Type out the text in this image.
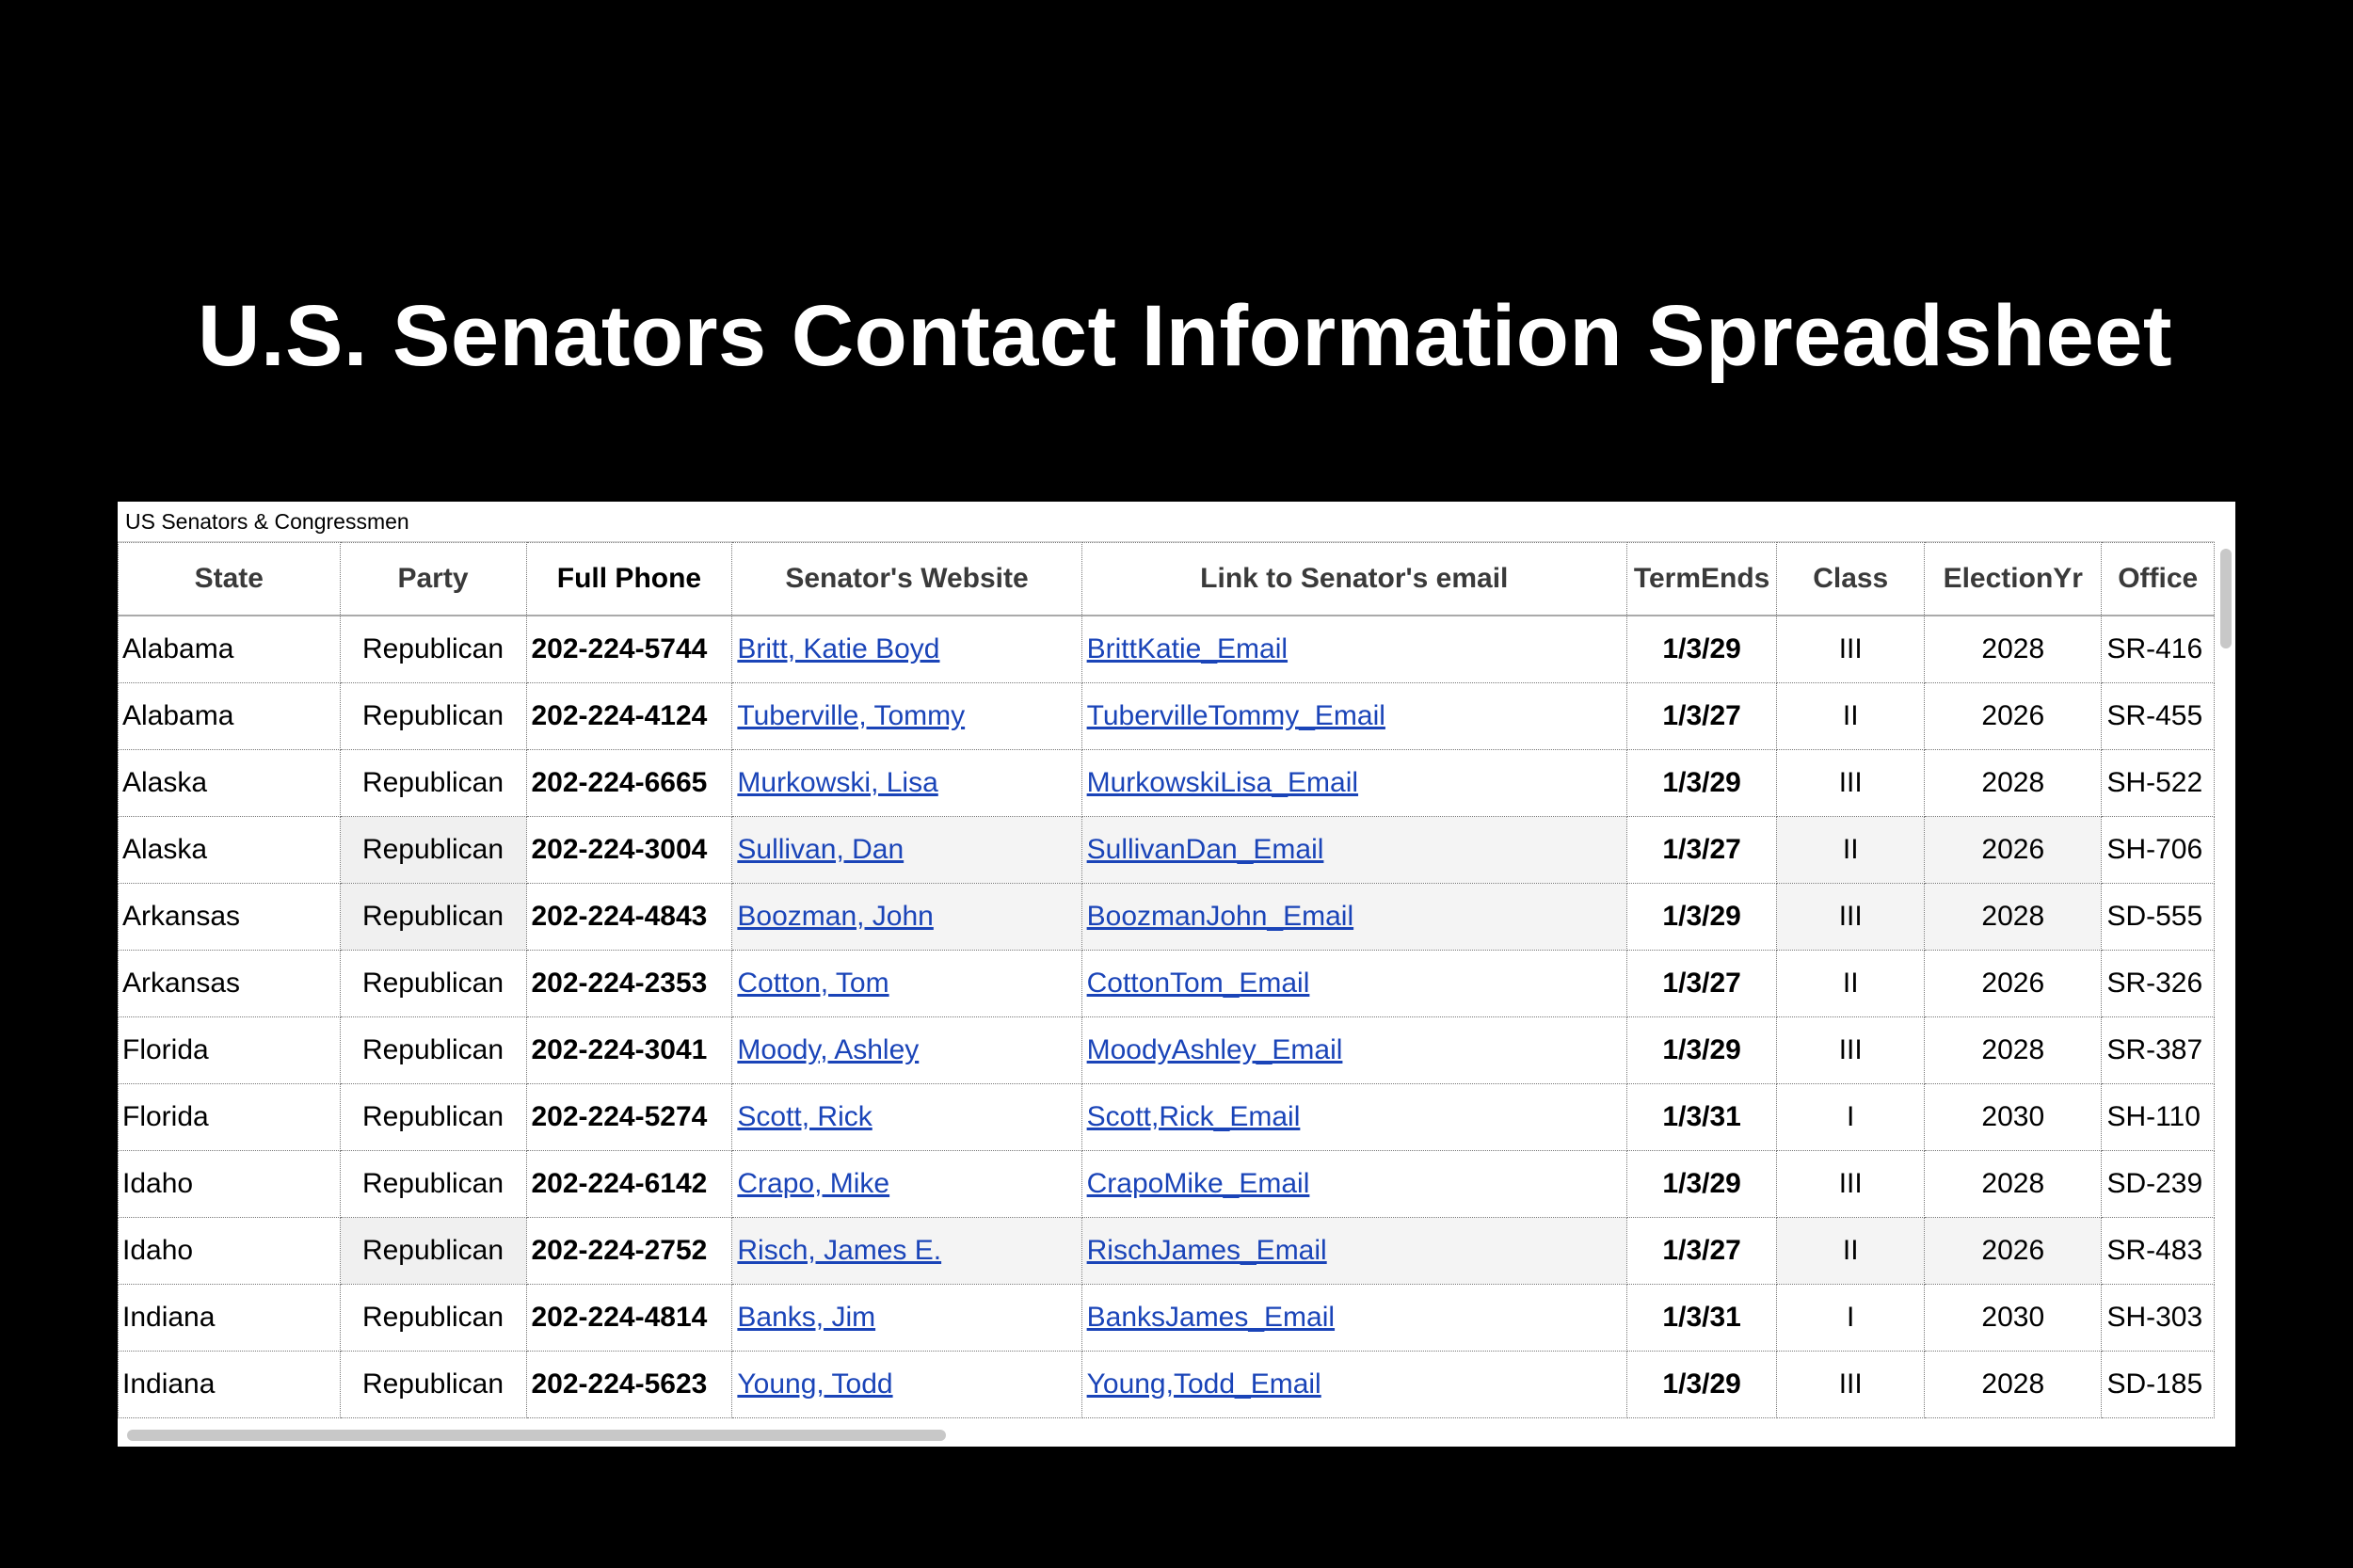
U.S. Senators Contact Information Spreadsheet
US Senators & Congressmen
State	Party	Full Phone	Senator's Website	Link to Senator's email	TermEnds	Class	ElectionYr	Office
Alabama	Republican	202-224-5744	Britt, Katie Boyd	BrittKatie_Email	1/3/29	III	2028	SR-416
Alabama	Republican	202-224-4124	Tuberville, Tommy	TubervilleTommy_Email	1/3/27	II	2026	SR-455
Alaska	Republican	202-224-6665	Murkowski, Lisa	MurkowskiLisa_Email	1/3/29	III	2028	SH-522
Alaska	Republican	202-224-3004	Sullivan, Dan	SullivanDan_Email	1/3/27	II	2026	SH-706
Arkansas	Republican	202-224-4843	Boozman, John	BoozmanJohn_Email	1/3/29	III	2028	SD-555
Arkansas	Republican	202-224-2353	Cotton, Tom	CottonTom_Email	1/3/27	II	2026	SR-326
Florida	Republican	202-224-3041	Moody, Ashley	MoodyAshley_Email	1/3/29	III	2028	SR-387
Florida	Republican	202-224-5274	Scott, Rick	Scott,Rick_Email	1/3/31	I	2030	SH-110
Idaho	Republican	202-224-6142	Crapo, Mike	CrapoMike_Email	1/3/29	III	2028	SD-239
Idaho	Republican	202-224-2752	Risch, James E.	RischJames_Email	1/3/27	II	2026	SR-483
Indiana	Republican	202-224-4814	Banks, Jim	BanksJames_Email	1/3/31	I	2030	SH-303
Indiana	Republican	202-224-5623	Young, Todd	Young,Todd_Email	1/3/29	III	2028	SD-185
